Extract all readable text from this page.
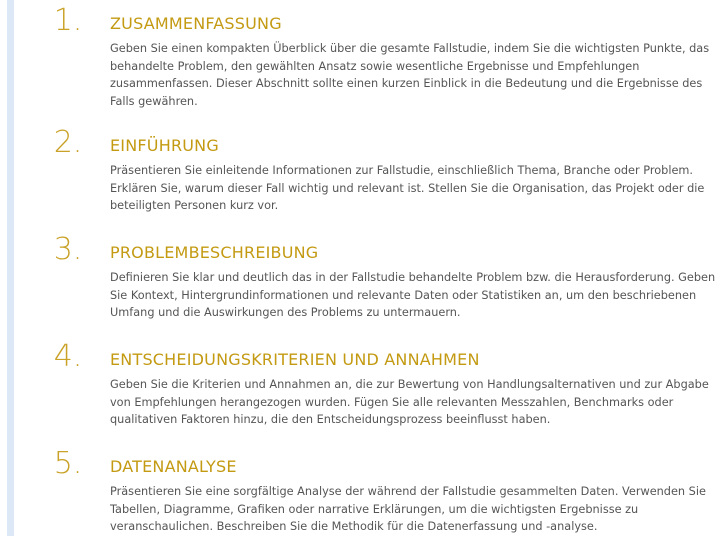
1.	ZUSAMMENFASSUNG
Geben Sie einen kompakten Überblick über die gesamte Fallstudie, indem Sie die wichtigsten Punkte, das behandelte Problem, den gewählten Ansatz sowie wesentliche Ergebnisse und Empfehlungen zusammenfassen. Dieser Abschnitt sollte einen kurzen Einblick in die Bedeutung und die Ergebnisse des Falls gewähren.
2.	EINFÜHRUNG
Präsentieren Sie einleitende Informationen zur Fallstudie, einschließlich Thema, Branche oder Problem. Erklären Sie, warum dieser Fall wichtig und relevant ist. Stellen Sie die Organisation, das Projekt oder die beteiligten Personen kurz vor.
3.	PROBLEMBESCHREIBUNG
Definieren Sie klar und deutlich das in der Fallstudie behandelte Problem bzw. die Herausforderung. Geben Sie Kontext, Hintergrundinformationen und relevante Daten oder Statistiken an, um den beschriebenen Umfang und die Auswirkungen des Problems zu untermauern.
4.	ENTSCHEIDUNGSKRITERIEN UND ANNAHMEN
Geben Sie die Kriterien und Annahmen an, die zur Bewertung von Handlungsalternativen und zur Abgabe von Empfehlungen herangezogen wurden. Fügen Sie alle relevanten Messzahlen, Benchmarks oder qualitativen Faktoren hinzu, die den Entscheidungsprozess beeinflusst haben.
5.	DATENANALYSE
Präsentieren Sie eine sorgfältige Analyse der während der Fallstudie gesammelten Daten. Verwenden Sie Tabellen, Diagramme, Grafiken oder narrative Erklärungen, um die wichtigsten Ergebnisse zu veranschaulichen. Beschreiben Sie die Methodik für die Datenerfassung und -analyse.
